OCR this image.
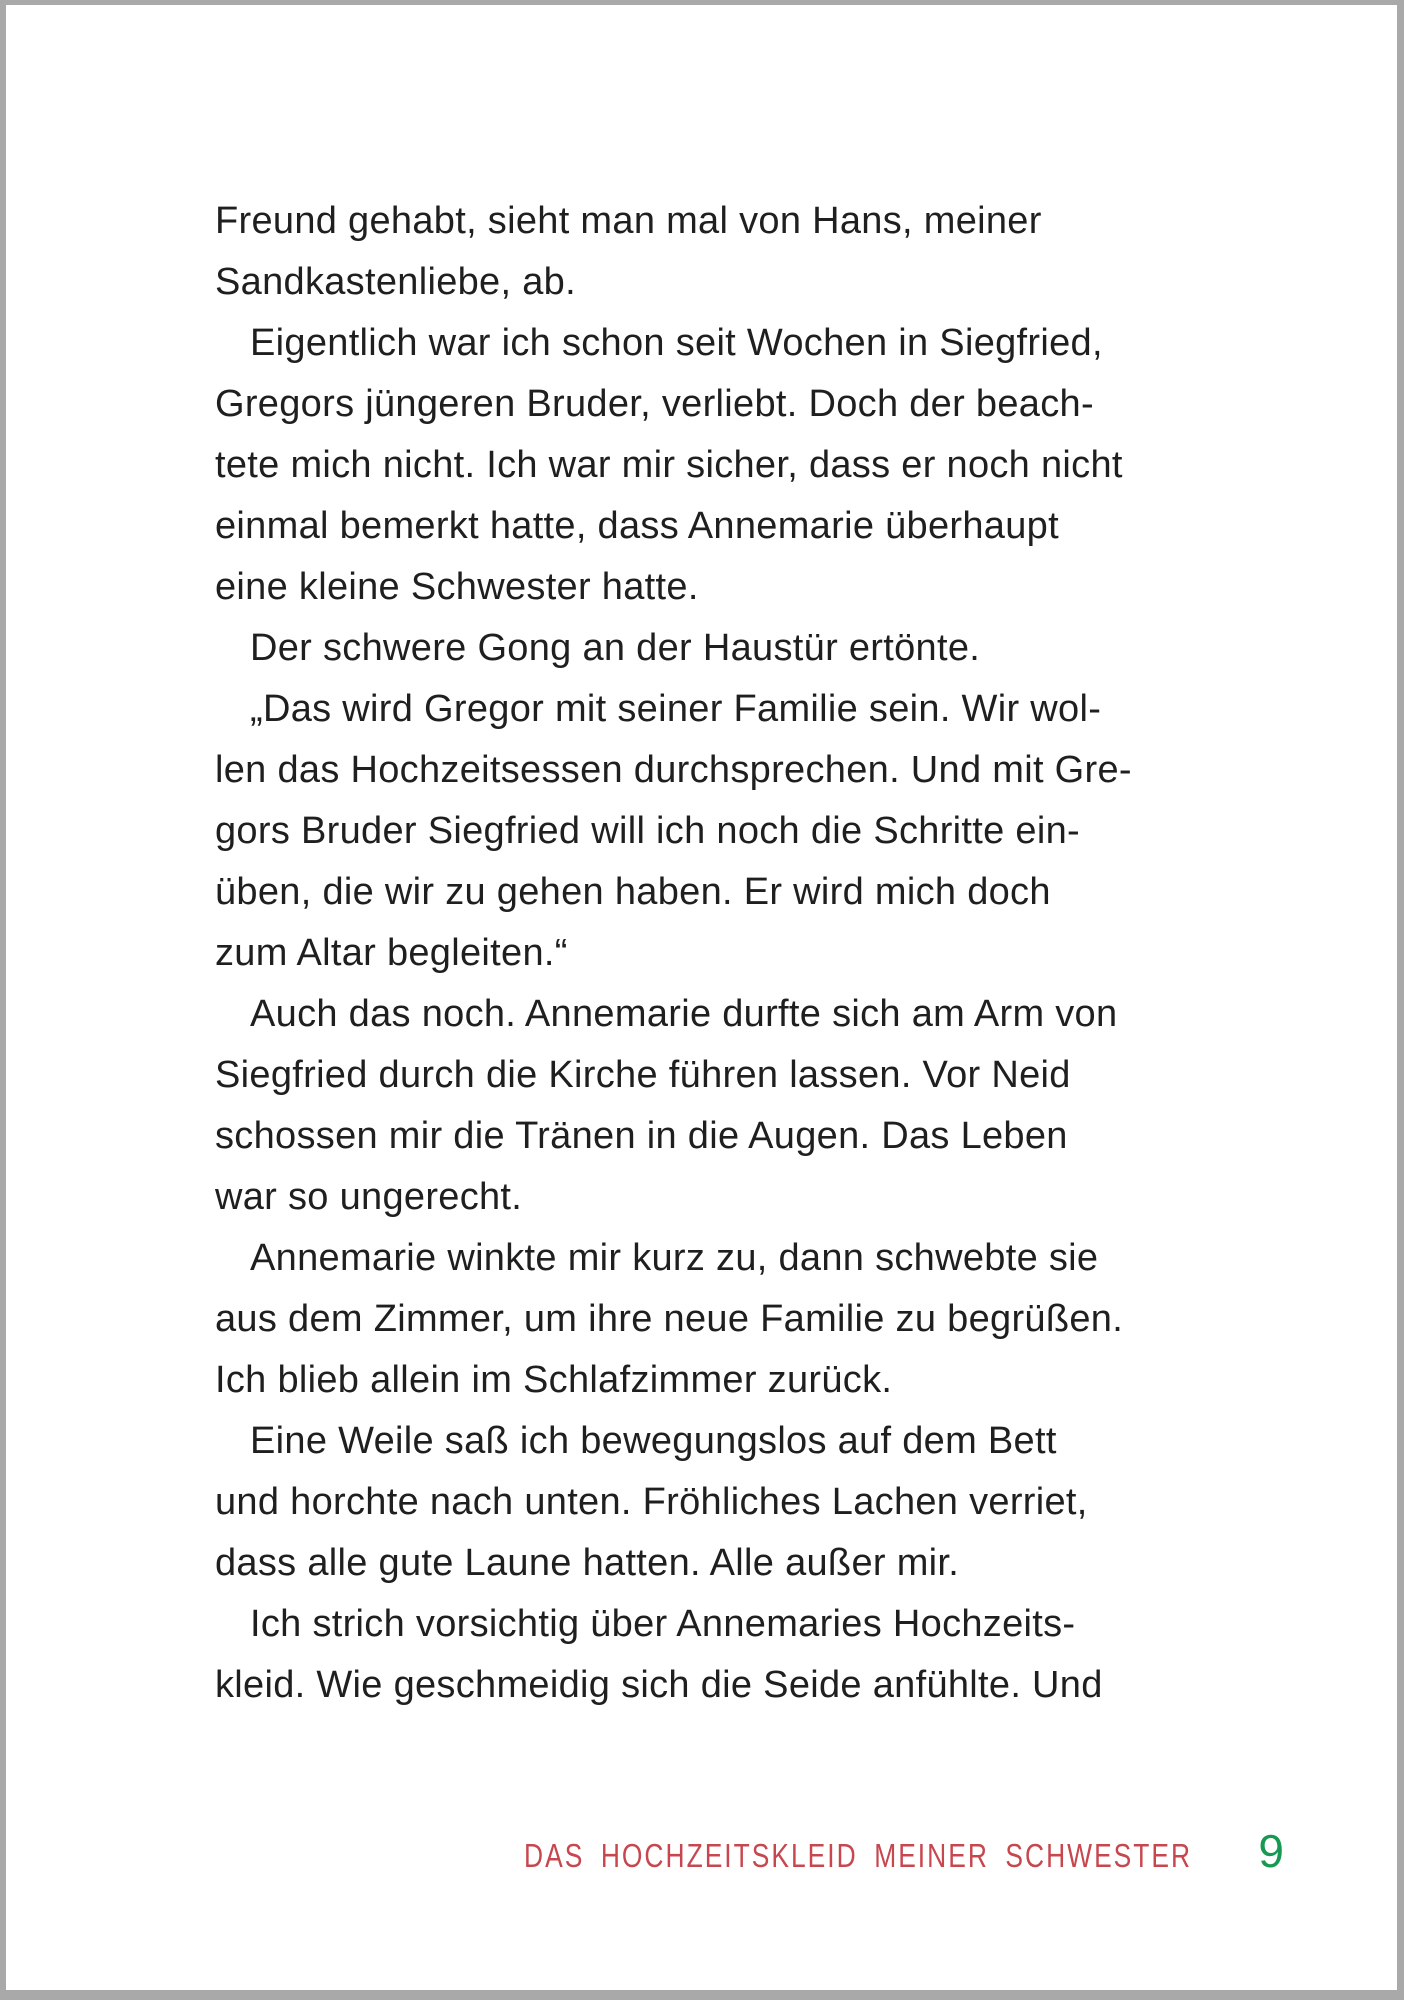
Freund gehabt, sieht man mal von Hans, meiner
Sandkastenliebe, ab.
Eigentlich war ich schon seit Wochen in Siegfried,
Gregors jüngeren Bruder, verliebt. Doch der beach-
tete mich nicht. Ich war mir sicher, dass er noch nicht
einmal bemerkt hatte, dass Annemarie überhaupt
eine kleine Schwester hatte.
Der schwere Gong an der Haustür ertönte.
„Das wird Gregor mit seiner Familie sein. Wir wol-
len das Hochzeitsessen durchsprechen. Und mit Gre-
gors Bruder Siegfried will ich noch die Schritte ein-
üben, die wir zu gehen haben. Er wird mich doch
zum Altar begleiten.“
Auch das noch. Annemarie durfte sich am Arm von
Siegfried durch die Kirche führen lassen. Vor Neid
schossen mir die Tränen in die Augen. Das Leben
war so ungerecht.
Annemarie winkte mir kurz zu, dann schwebte sie
aus dem Zimmer, um ihre neue Familie zu begrüßen.
Ich blieb allein im Schlafzimmer zurück.
Eine Weile saß ich bewegungslos auf dem Bett
und horchte nach unten. Fröhliches Lachen verriet,
dass alle gute Laune hatten. Alle außer mir.
Ich strich vorsichtig über Annemaries Hochzeits-
kleid. Wie geschmeidig sich die Seide anfühlte. Und
DAS HOCHZEITSKLEID MEINER SCHWESTER 9
